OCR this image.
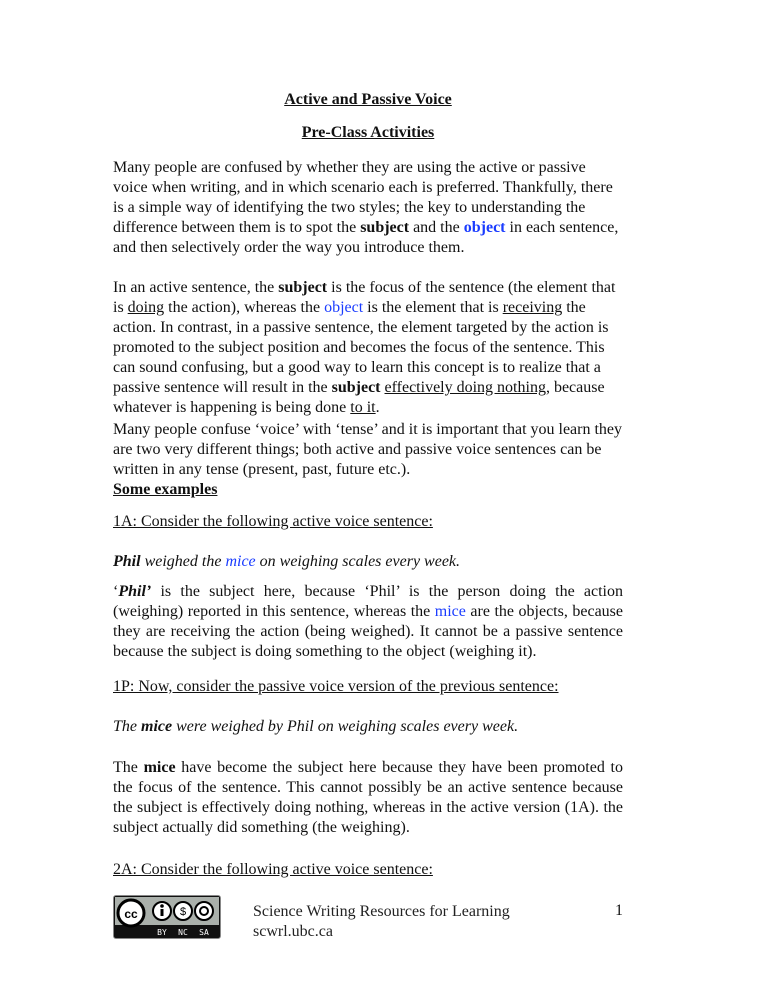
Active and Passive Voice
Pre-Class Activities

Many people are confused by whether they are using the active or passive voice when writing, and in which scenario each is preferred. Thankfully, there is a simple way of identifying the two styles; the key to understanding the difference between them is to spot the subject and the object in each sentence, and then selectively order the way you introduce them.

In an active sentence, the subject is the focus of the sentence (the element that is doing the action), whereas the object is the element that is receiving the action. In contrast, in a passive sentence, the element targeted by the action is promoted to the subject position and becomes the focus of the sentence. This can sound confusing, but a good way to learn this concept is to realize that a passive sentence will result in the subject effectively doing nothing, because whatever is happening is being done to it.

Many people confuse ‘voice’ with ‘tense’ and it is important that you learn they are two very different things; both active and passive voice sentences can be written in any tense (present, past, future etc.).

Some examples
1A: Consider the following active voice sentence:
Phil weighed the mice on weighing scales every week.

‘Phil’ is the subject here, because ‘Phil’ is the person doing the action (weighing) reported in this sentence, whereas the mice are the objects, because they are receiving the action (being weighed). It cannot be a passive sentence because the subject is doing something to the object (weighing it).

1P: Now, consider the passive voice version of the previous sentence:
The mice were weighed by Phil on weighing scales every week.

The mice have become the subject here because they have been promoted to the focus of the sentence. This cannot possibly be an active sentence because the subject is effectively doing nothing, whereas in the active version (1A). the subject actually did something (the weighing).

2A: Consider the following active voice sentence:
cc	$
BY NC SA
Science Writing Resources for Learning
scwrl.ubc.ca
1
